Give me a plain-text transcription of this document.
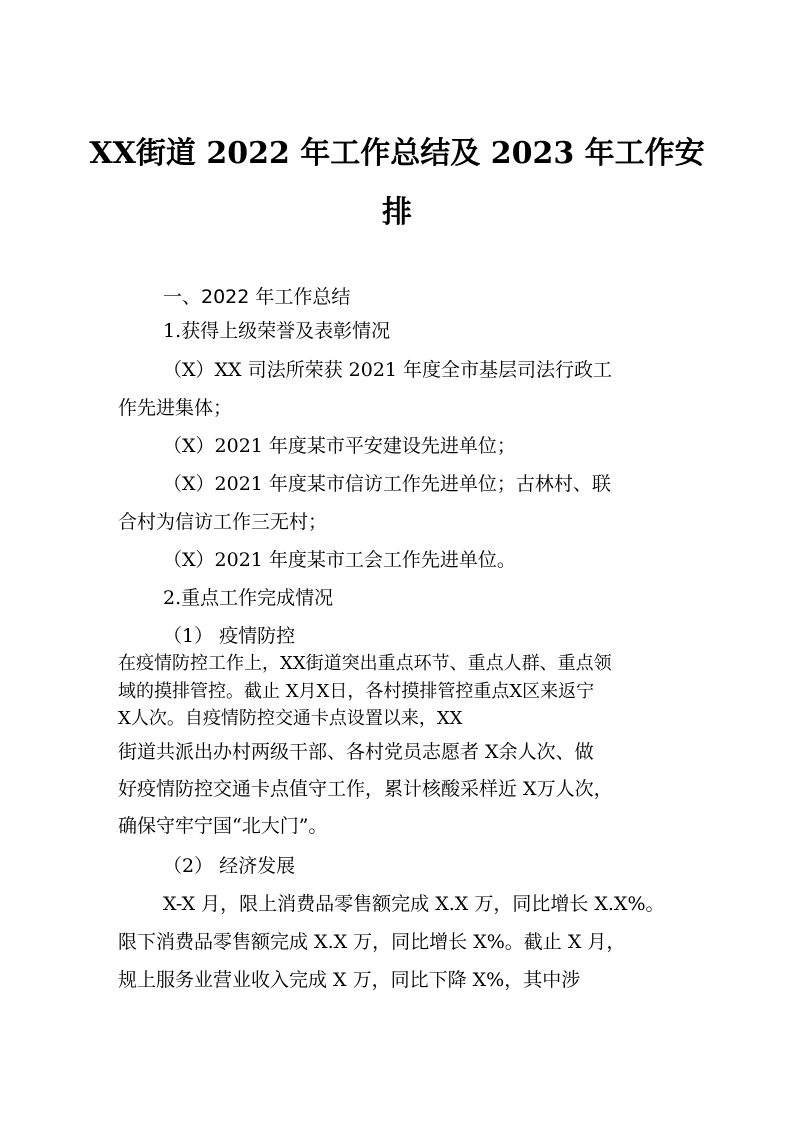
XX街道 2022 年工作总结及 2023 年工作安
排

一、2022 年工作总结

1.获得上级荣誉及表彰情况

（X）XX 司法所荣获 2021 年度全市基层司法行政工

作先进集体；

（X）2021 年度某市平安建设先进单位；

（X）2021 年度某市信访工作先进单位；古林村、联

合村为信访工作三无村；

（X）2021 年度某市工会工作先进单位。

2.重点工作完成情况

（1） 疫情防控

在疫情防控工作上，XX街道突出重点环节、重点人群、重点领

域的摸排管控。截止 X月X日，各村摸排管控重点X区来返宁

X人次。自疫情防控交通卡点设置以来，XX

街道共派出办村两级干部、各村党员志愿者 X余人次、做

好疫情防控交通卡点值守工作，累计核酸采样近 X万人次，

确保守牢宁国“北大门”。

（2） 经济发展

X-X 月，限上消费品零售额完成 X.X 万，同比增长 X.X%。

限下消费品零售额完成 X.X 万，同比增长 X%。截止 X 月，

规上服务业营业收入完成 X 万，同比下降 X%，其中涉
